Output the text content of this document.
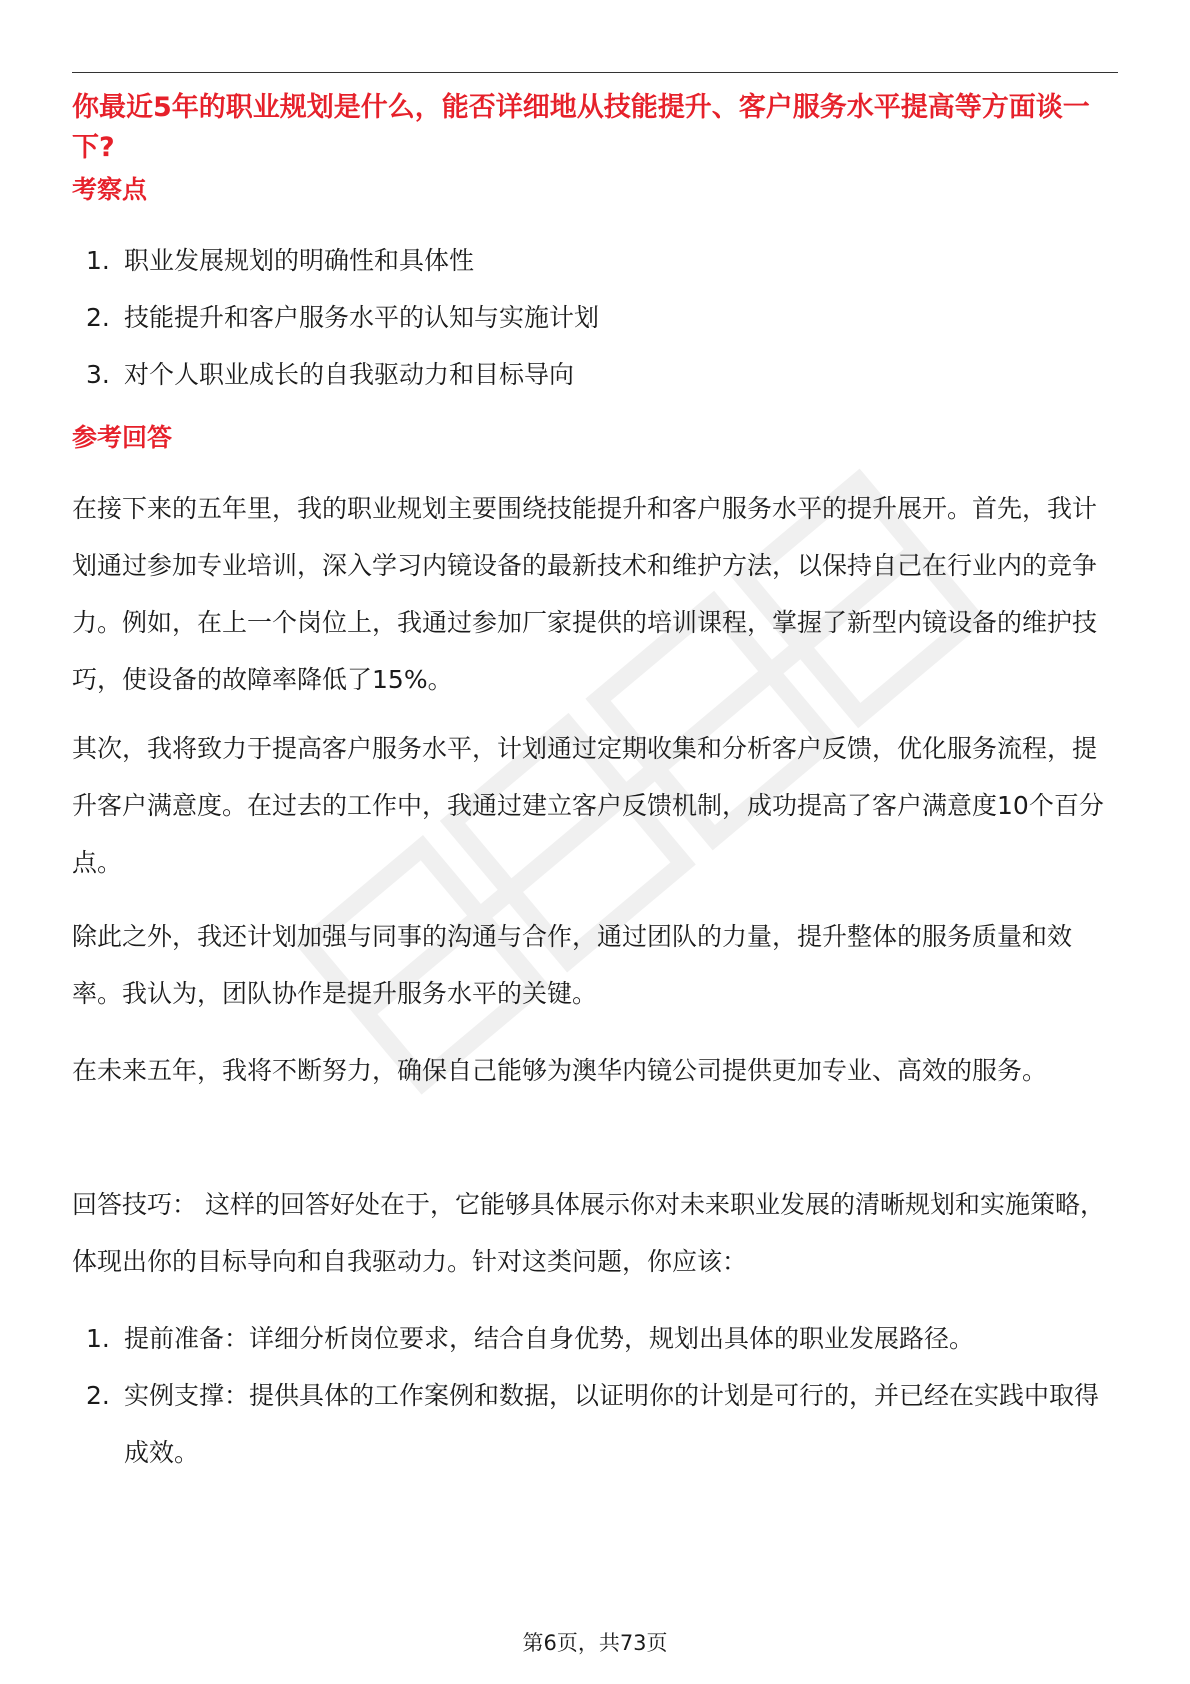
你最近5年的职业规划是什么，能否详细地从技能提升、客户服务水平提高等方面谈一下?
考察点
1. 职业发展规划的明确性和具体性
2. 技能提升和客户服务水平的认知与实施计划
3. 对个人职业成长的自我驱动力和目标导向
参考回答

在接下来的五年里，我的职业规划主要围绕技能提升和客户服务水平的提升展开。首先，我计划通过参加专业培训，深入学习内镜设备的最新技术和维护方法，以保持自己在行业内的竞争力。例如，在上一个岗位上，我通过参加厂家提供的培训课程，掌握了新型内镜设备的维护技巧，使设备的故障率降低了15%。

其次，我将致力于提高客户服务水平，计划通过定期收集和分析客户反馈，优化服务流程，提升客户满意度。在过去的工作中，我通过建立客户反馈机制，成功提高了客户满意度10个百分点。

除此之外，我还计划加强与同事的沟通与合作，通过团队的力量，提升整体的服务质量和效率。我认为，团队协作是提升服务水平的关键。

在未来五年，我将不断努力，确保自己能够为澳华内镜公司提供更加专业、高效的服务。

回答技巧： 这样的回答好处在于，它能够具体展示你对未来职业发展的清晰规划和实施策略，体现出你的目标导向和自我驱动力。针对这类问题，你应该：

1. 提前准备：详细分析岗位要求，结合自身优势，规划出具体的职业发展路径。
2. 实例支撑：提供具体的工作案例和数据，以证明你的计划是可行的，并已经在实践中取得成效。
第6页，共73页
